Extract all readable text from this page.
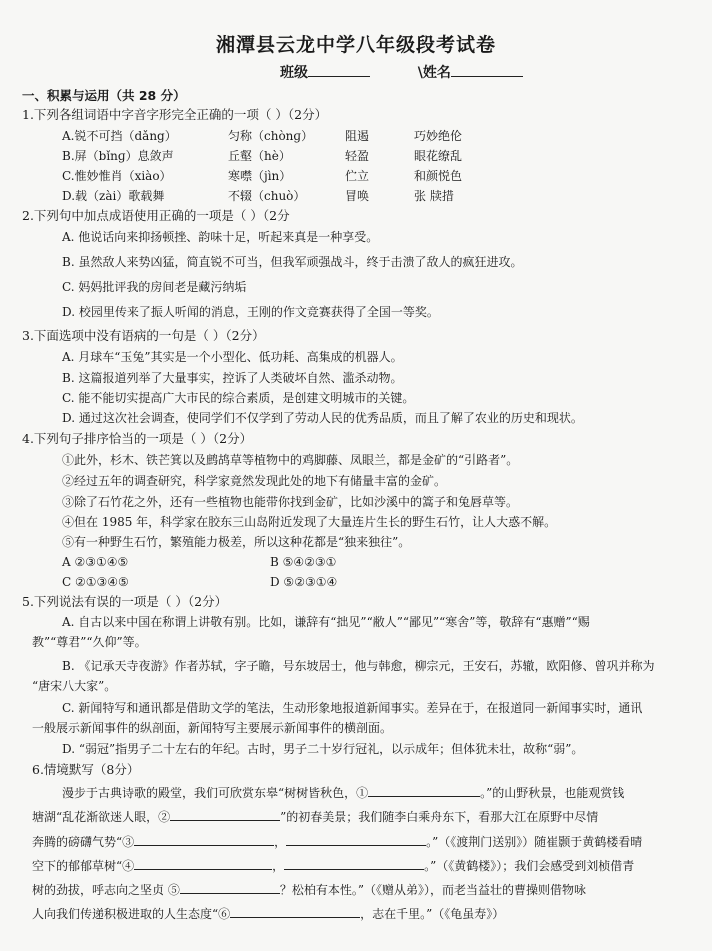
湘潭县云龙中学八年级段考试卷
班级	\姓名
一、积累与运用（共 28 分）
1.下列各组词语中字音字形完全正确的一项（ ）（2分）
A.锐不可挡（dǎng）	匀称（chònɡ）	阻遏	巧妙绝伦
B.屏（bǐnɡ）息敛声	丘壑（hè）	轻盈	眼花缭乱
C.惟妙惟肖（xiào）	寒噤（jìn）	伫立	和颜悦色
D.载（zài）歌载舞	不辍（chuò）	冒唤	张 牍措
2.下列句中加点成语使用正确的一项是（ ）（2分
A. 他说话向来抑扬顿挫、韵味十足，听起来真是一种享受。
B. 虽然敌人来势凶猛，简直锐不可当，但我军顽强战斗，终于击溃了敌人的疯狂进攻。
C. 妈妈批评我的房间老是藏污纳垢
D. 校园里传来了振人听闻的消息，王刚的作文竞赛获得了全国一等奖。
3.下面选项中没有语病的一句是（ ）（2分）
A. 月球车“玉兔”其实是一个小型化、低功耗、高集成的机器人。
B. 这篇报道列举了大量事实，控诉了人类破坏自然、滥杀动物。
C. 能不能切实提高广大市民的综合素质，是创建文明城市的关键。
D. 通过这次社会调查，使同学们不仅学到了劳动人民的优秀品质，而且了解了农业的历史和现状。
4.下列句子排序恰当的一项是（ ）（2分）
①此外，杉木、铁芒箕以及鹧鸪草等植物中的鸡脚藤、凤眼兰，都是金矿的“引路者”。
②经过五年的调查研究，科学家竟然发现此处的地下有储量丰富的金矿。
③除了石竹花之外，还有一些植物也能带你找到金矿，比如沙溪中的篙子和兔唇草等。
④但在 1985 年，科学家在胶东三山岛附近发现了大量连片生长的野生石竹，让人大惑不解。
⑤有一种野生石竹，繁殖能力极差，所以这种花都是“独来独往”。
A ②③①④⑤	B ⑤④②③①
C ②①③④⑤	D ⑤②③①④
5.下列说法有误的一项是（ ）（2分）
A. 自古以来中国在称谓上讲敬有别。比如，谦辞有“拙见”“敝人”“鄙见”“寒舍”等，敬辞有“惠赠”“赐
教”“尊君”“久仰”等。
B. 《记承天寺夜游》作者苏轼，字子瞻，号东坡居士，他与韩愈，柳宗元，王安石，苏辙，欧阳修、曾巩并称为
“唐宋八大家”。
C. 新闻特写和通讯都是借助文学的笔法，生动形象地报道新闻事实。差异在于，在报道同一新闻事实时，通讯
一般展示新闻事件的纵剖面，新闻特写主要展示新闻事件的横剖面。
D. “弱冠”指男子二十左右的年纪。古时，男子二十岁行冠礼，以示成年；但体犹未壮，故称“弱”。
6.情境默写（8分）
漫步于古典诗歌的殿堂，我们可欣赏东皋“树树皆秋色，①	。”的山野秋景，也能观赏钱
塘湖“乱花渐欲迷人眼，②	”的初春美景；我们随李白乘舟东下，看那大江在原野中尽情
奔腾的磅礴气势“③	，	。”（《渡荆门送别》）随崔颢于黄鹤楼看晴
空下的郁郁草树“④	，	。”（《黄鹤楼》）；我们会感受到刘桢借青
树的劲拔，呼志向之坚贞 ⑤	？松柏有本性。”（《赠从弟》），而老当益壮的曹操则借物咏
人向我们传递积极进取的人生态度“⑥	，志在千里。”（《龟虽寿》）
